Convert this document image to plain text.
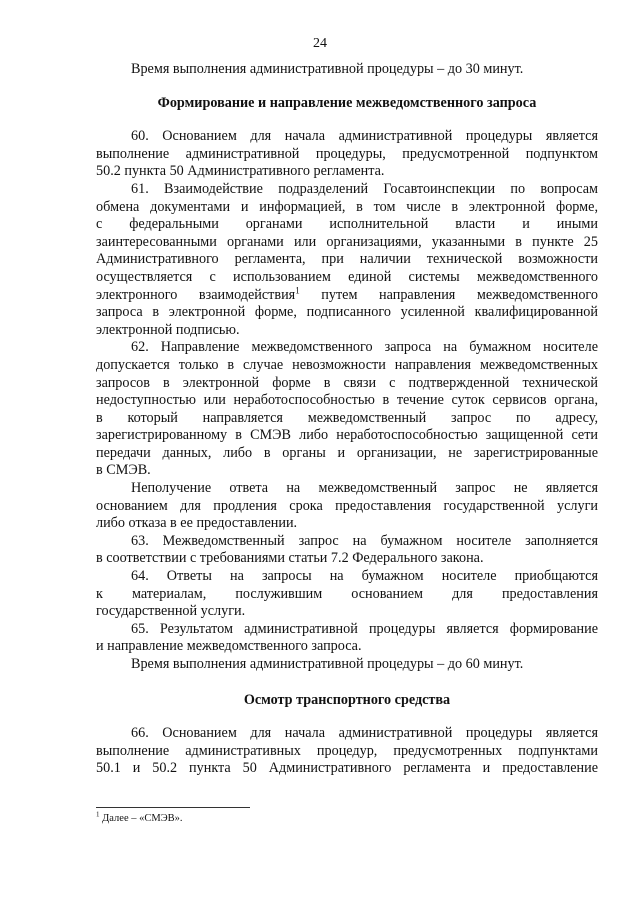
24
Время выполнения административной процедуры – до 30 минут.
Формирование и направление межведомственного запроса
60. Основанием для начала административной процедуры является
выполнение административной процедуры, предусмотренной подпунктом
50.2 пункта 50 Административного регламента.
61. Взаимодействие подразделений Госавтоинспекции по вопросам
обмена документами и информацией, в том числе в электронной форме,
с федеральными органами исполнительной власти и иными
заинтересованными органами или организациями, указанными в пункте 25
Административного регламента, при наличии технической возможности
осуществляется с использованием единой системы межведомственного
электронного взаимодействия$^1$ путем направления межведомственного
запроса в электронной форме, подписанного усиленной квалифицированной
электронной подписью.
62. Направление межведомственного запроса на бумажном носителе
допускается только в случае невозможности направления межведомственных
запросов в электронной форме в связи с подтвержденной технической
недоступностью или неработоспособностью в течение суток сервисов органа,
в который направляется межведомственный запрос по адресу,
зарегистрированному в СМЭВ либо неработоспособностью защищенной сети
передачи данных, либо в органы и организации, не зарегистрированные
в СМЭВ.
Неполучение ответа на межведомственный запрос не является
основанием для продления срока предоставления государственной услуги
либо отказа в ее предоставлении.
63. Межведомственный запрос на бумажном носителе заполняется
в соответствии с требованиями статьи 7.2 Федерального закона.
64. Ответы на запросы на бумажном носителе приобщаются
к материалам, послужившим основанием для предоставления
государственной услуги.
65. Результатом административной процедуры является формирование
и направление межведомственного запроса.
Время выполнения административной процедуры – до 60 минут.
Осмотр транспортного средства
66. Основанием для начала административной процедуры является
выполнение административных процедур, предусмотренных подпунктами
50.1 и 50.2 пункта 50 Административного регламента и предоставление
$^1$ Далее – «СМЭВ».
